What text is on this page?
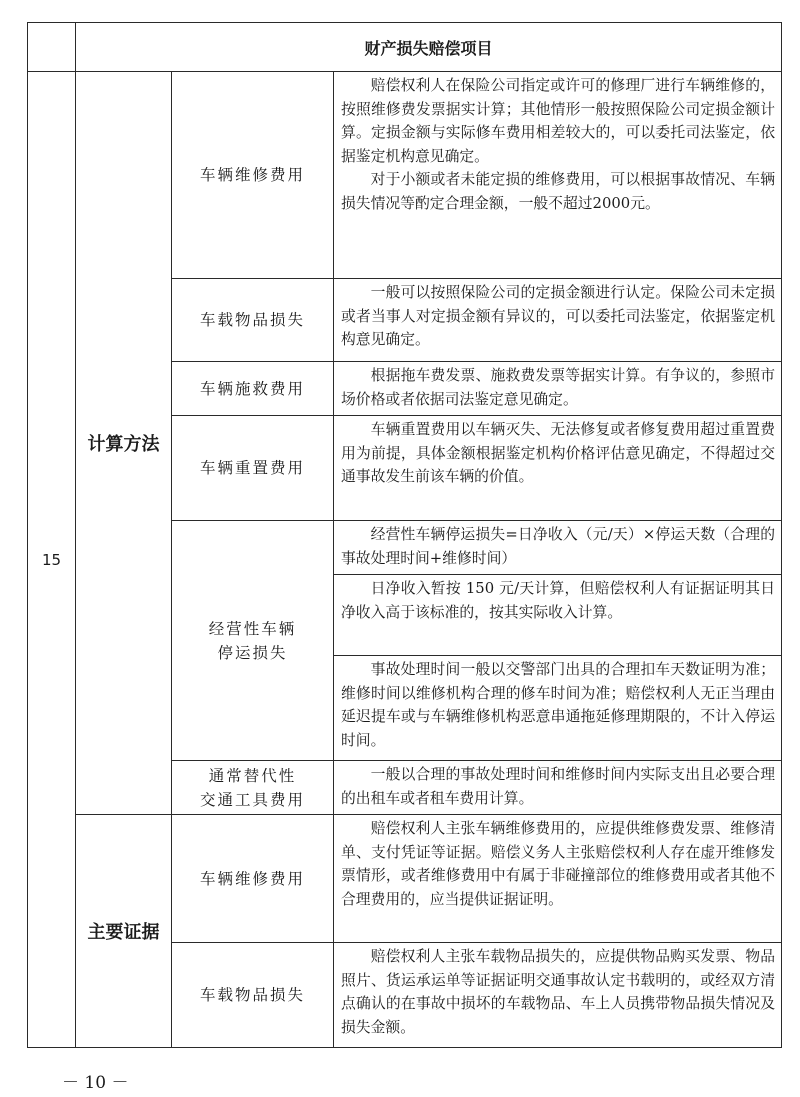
	财产损失赔偿项目		
15	计算方法	车辆维修费用	赔偿权利人在保险公司指定或许可的修理厂进行车辆维修的，按照维修费发票据实计算；其他情形一般按照保险公司定损金额计算。定损金额与实际修车费用相差较大的，可以委托司法鉴定，依据鉴定机构意见确定。

对于小额或者未能定损的维修费用，可以根据事故情况、车辆损失情况等酌定合理金额，一般不超过2000元。

		车载物品损失	一般可以按照保险公司的定损金额进行认定。保险公司未定损或者当事人对定损金额有异议的，可以委托司法鉴定，依据鉴定机构意见确定。

		车辆施救费用	根据拖车费发票、施救费发票等据实计算。有争议的，参照市场价格或者依据司法鉴定意见确定。

		车辆重置费用	车辆重置费用以车辆灭失、无法修复或者修复费用超过重置费用为前提，具体金额根据鉴定机构价格评估意见确定，不得超过交通事故发生前该车辆的价值。

		经营性车辆
停运损失	经营性车辆停运损失=日净收入（元/天）×停运天数（合理的事故处理时间+维修时间）

			日净收入暂按 150 元/天计算，但赔偿权利人有证据证明其日净收入高于该标准的，按其实际收入计算。

			事故处理时间一般以交警部门出具的合理扣车天数证明为准；维修时间以维修机构合理的修车时间为准；赔偿权利人无正当理由延迟提车或与车辆维修机构恶意串通拖延修理期限的，不计入停运时间。

		通常替代性
交通工具费用	一般以合理的事故处理时间和维修时间内实际支出且必要合理的出租车或者租车费用计算。

	主要证据	车辆维修费用	赔偿权利人主张车辆维修费用的，应提供维修费发票、维修清单、支付凭证等证据。赔偿义务人主张赔偿权利人存在虚开维修发票情形，或者维修费用中有属于非碰撞部位的维修费用或者其他不合理费用的，应当提供证据证明。

		车载物品损失	赔偿权利人主张车载物品损失的，应提供物品购买发票、物品照片、货运承运单等证据证明交通事故认定书载明的，或经双方清点确认的在事故中损坏的车载物品、车上人员携带物品损失情况及损失金额。

－ 10 －
